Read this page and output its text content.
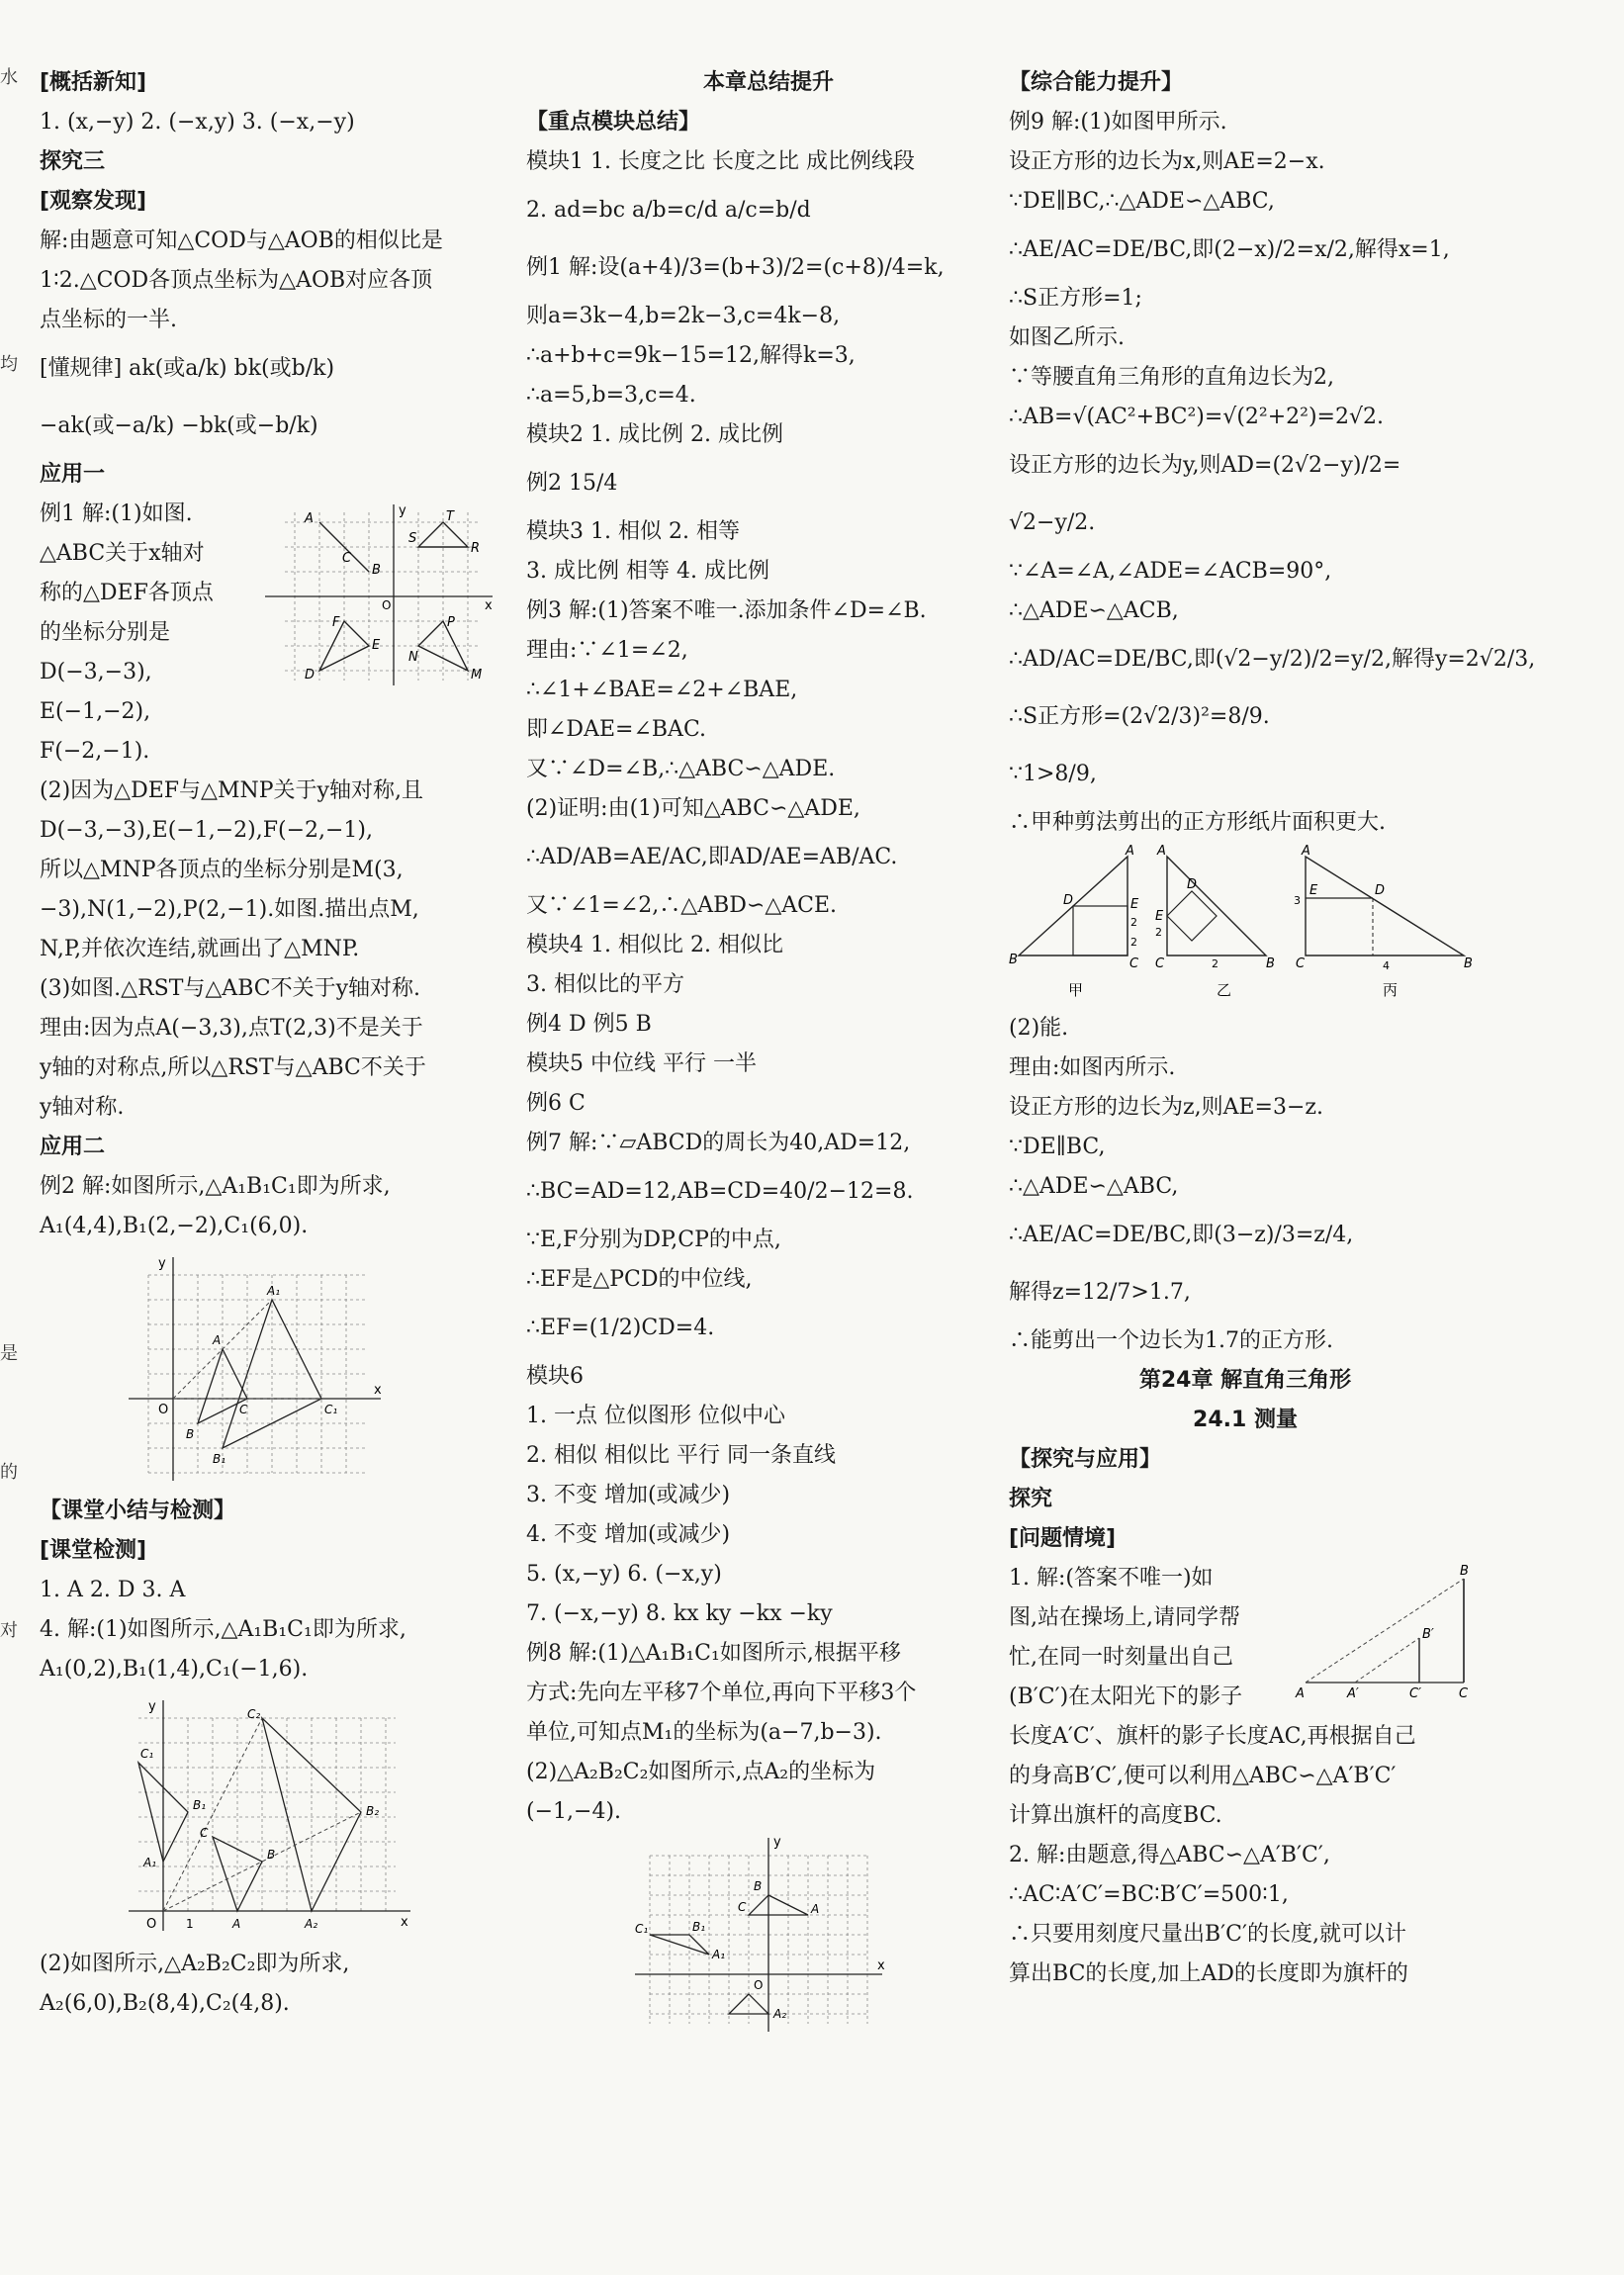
水
均
是
的
对
[概括新知]
1. (x,−y) 2. (−x,y) 3. (−x,−y)
探究三
[观察发现]
解:由题意可知△COD与△AOB的相似比是
1∶2.△COD各顶点坐标为△AOB对应各顶
点坐标的一半.
[懂规律] ak(或a/k) bk(或b/k)
−ak(或−a/k) −bk(或−b/k)
应用一
例1 解:(1)如图.
△ABC关于x轴对
称的△DEF各顶点
的坐标分别是
D(−3,−3),
x
y
O
A
B
C
D
E
F
M
N
P
T
S
R
E(−1,−2),
F(−2,−1).
(2)因为△DEF与△MNP关于y轴对称,且
D(−3,−3),E(−1,−2),F(−2,−1),
所以△MNP各顶点的坐标分别是M(3,
−3),N(1,−2),P(2,−1).如图.描出点M,
N,P,并依次连结,就画出了△MNP.
(3)如图.△RST与△ABC不关于y轴对称.
理由:因为点A(−3,3),点T(2,3)不是关于
y轴的对称点,所以△RST与△ABC不关于
y轴对称.
应用二
例2 解:如图所示,△A₁B₁C₁即为所求,
A₁(4,4),B₁(2,−2),C₁(6,0).
x
y
O
A₁
A
B
B₁
C	C₁
【课堂小结与检测】
[课堂检测]
1. A 2. D 3. A
4. 解:(1)如图所示,△A₁B₁C₁即为所求,
A₁(0,2),B₁(1,4),C₁(−1,6).
x
y
O 1
A₁
A	A₂
B₁
B
B₂
C₁
C
C₂
(2)如图所示,△A₂B₂C₂即为所求,
A₂(6,0),B₂(8,4),C₂(4,8).
本章总结提升
【重点模块总结】
模块1 1. 长度之比 长度之比 成比例线段
2. ad=bc a/b=c/d a/c=b/d
例1 解:设(a+4)/3=(b+3)/2=(c+8)/4=k,
则a=3k−4,b=2k−3,c=4k−8,
∴a+b+c=9k−15=12,解得k=3,
∴a=5,b=3,c=4.
模块2 1. 成比例 2. 成比例
例2 15/4
模块3 1. 相似 2. 相等
3. 成比例 相等 4. 成比例
例3 解:(1)答案不唯一.添加条件∠D=∠B.
理由:∵∠1=∠2,
∴∠1+∠BAE=∠2+∠BAE,
即∠DAE=∠BAC.
又∵∠D=∠B,∴△ABC∽△ADE.
(2)证明:由(1)可知△ABC∽△ADE,
∴AD/AB=AE/AC,即AD/AE=AB/AC.
又∵∠1=∠2,∴△ABD∽△ACE.
模块4 1. 相似比 2. 相似比
3. 相似比的平方
例4 D 例5 B
模块5 中位线 平行 一半
例6 C
例7 解:∵▱ABCD的周长为40,AD=12,
∴BC=AD=12,AB=CD=40/2−12=8.
∵E,F分别为DP,CP的中点,
∴EF是△PCD的中位线,
∴EF=(1/2)CD=4.
模块6
1. 一点 位似图形 位似中心
2. 相似 相似比 平行 同一条直线
3. 不变 增加(或减少)
4. 不变 增加(或减少)
5. (x,−y) 6. (−x,y)
7. (−x,−y) 8. kx ky −kx −ky
例8 解:(1)△A₁B₁C₁如图所示,根据平移
方式:先向左平移7个单位,再向下平移3个
单位,可知点M₁的坐标为(a−7,b−3).
(2)△A₂B₂C₂如图所示,点A₂的坐标为
(−1,−4).
x
y
O
B
A
C
B₁
C₁
A₁
A₂
【综合能力提升】
例9 解:(1)如图甲所示.
设正方形的边长为x,则AE=2−x.
∵DE∥BC,∴△ADE∽△ABC,
∴AE/AC=DE/BC,即(2−x)/2=x/2,解得x=1,
∴S正方形=1;
如图乙所示.
∵等腰直角三角形的直角边长为2,
∴AB=√(AC²+BC²)=√(2²+2²)=2√2.
设正方形的边长为y,则AD=(2√2−y)/2=
√2−y/2.
∵∠A=∠A,∠ADE=∠ACB=90°,
∴△ADE∽△ACB,
∴AD/AC=DE/BC,即(√2−y/2)/2=y/2,解得y=2√2/3,
∴S正方形=(2√2/3)²=8/9.
∵1>8/9,
∴甲种剪法剪出的正方形纸片面积更大.
A
B	C
D	E
2
2
甲
A
C	B
E
D
2
2
乙
A
C	B
E	D
3
4
丙
(2)能.
理由:如图丙所示.
设正方形的边长为z,则AE=3−z.
∵DE∥BC,
∴△ADE∽△ABC,
∴AE/AC=DE/BC,即(3−z)/3=z/4,
解得z=12/7>1.7,
∴能剪出一个边长为1.7的正方形.
第24章 解直角三角形
24.1 测量
【探究与应用】
探究
[问题情境]
1. 解:(答案不唯一)如
图,站在操场上,请同学帮
忙,在同一时刻量出自己
(B′C′)在太阳光下的影子
B
A	A′	C′	C
B′
长度A′C′、旗杆的影子长度AC,再根据自己
的身高B′C′,便可以利用△ABC∽△A′B′C′
计算出旗杆的高度BC.
2. 解:由题意,得△ABC∽△A′B′C′,
∴AC∶A′C′=BC∶B′C′=500∶1,
∴只要用刻度尺量出B′C′的长度,就可以计
算出BC的长度,加上AD的长度即为旗杆的
